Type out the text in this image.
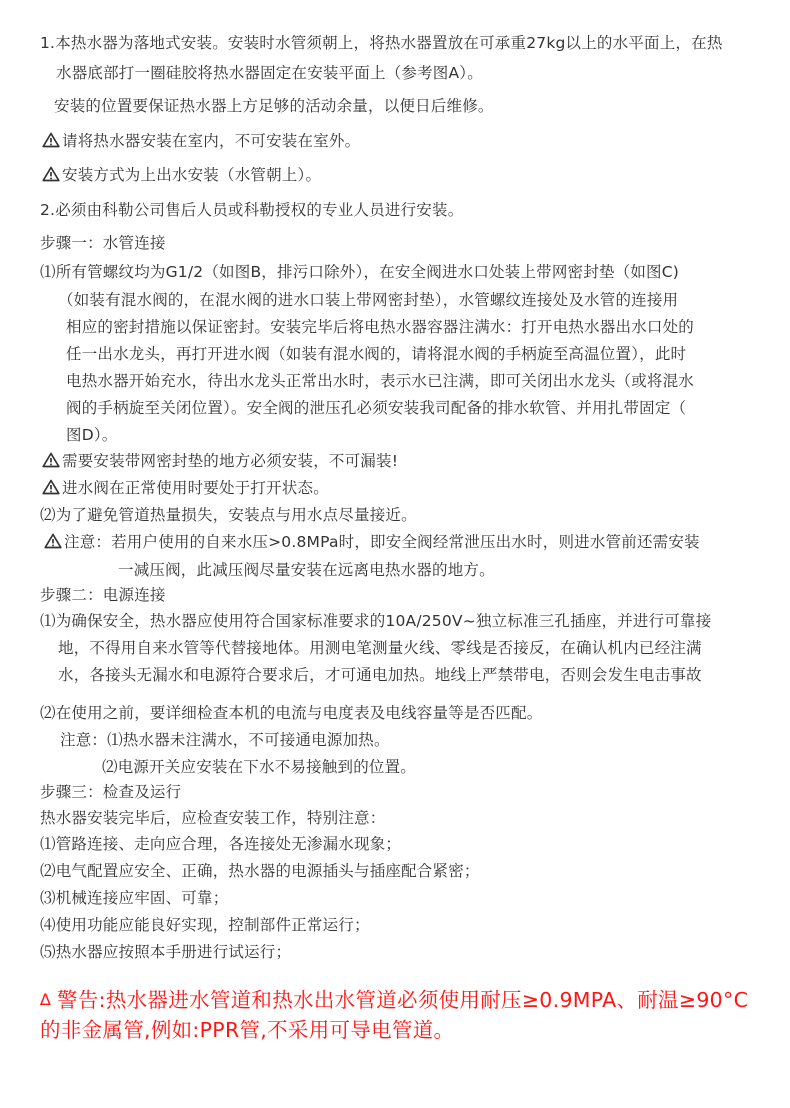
1.本热水器为落地式安装。安装时水管须朝上，将热水器置放在可承重27kg以上的水平面上，在热
水器底部打一圈硅胶将热水器固定在安装平面上（参考图A）。
安装的位置要保证热水器上方足够的活动余量，以便日后维修。
请将热水器安装在室内，不可安装在室外。
安装方式为上出水安装（水管朝上）。
2.必须由科勒公司售后人员或科勒授权的专业人员进行安装。
步骤一：水管连接
⑴所有管螺纹均为G1/2（如图B，排污口除外），在安全阀进水口处装上带网密封垫（如图C)
（如装有混水阀的，在混水阀的进水口装上带网密封垫），水管螺纹连接处及水管的连接用
相应的密封措施以保证密封。安装完毕后将电热水器容器注满水：打开电热水器出水口处的
任一出水龙头，再打开进水阀（如装有混水阀的，请将混水阀的手柄旋至高温位置），此时
电热水器开始充水，待出水龙头正常出水时，表示水已注满，即可关闭出水龙头（或将混水
阀的手柄旋至关闭位置）。安全阀的泄压孔必须安装我司配备的排水软管、并用扎带固定（
图D）。
需要安装带网密封垫的地方必须安装，不可漏装!
进水阀在正常使用时要处于打开状态。
⑵为了避免管道热量损失，安装点与用水点尽量接近。
注意：若用户使用的自来水压>0.8MPa时，即安全阀经常泄压出水时，则进水管前还需安装
一减压阀，此减压阀尽量安装在远离电热水器的地方。
步骤二：电源连接
⑴为确保安全，热水器应使用符合国家标准要求的10A/250V~独立标准三孔插座，并进行可靠接
地，不得用自来水管等代替接地体。用测电笔测量火线、零线是否接反，在确认机内已经注满
水，各接头无漏水和电源符合要求后，才可通电加热。地线上严禁带电，否则会发生电击事故
⑵在使用之前，要详细检查本机的电流与电度表及电线容量等是否匹配。
注意：⑴热水器未注满水，不可接通电源加热。
⑵电源开关应安装在下水不易接触到的位置。
步骤三：检查及运行
热水器安装完毕后，应检查安装工作，特别注意：
⑴管路连接、走向应合理，各连接处无渗漏水现象；
⑵电气配置应安全、正确，热水器的电源插头与插座配合紧密；
⑶机械连接应牢固、可靠；
⑷使用功能应能良好实现，控制部件正常运行；
⑸热水器应按照本手册进行试运行；
∆ 警告:热水器进水管道和热水出水管道必须使用耐压≥0.9MPA、耐温≥90°C
的非金属管,例如:PPR管,不采用可导电管道。
